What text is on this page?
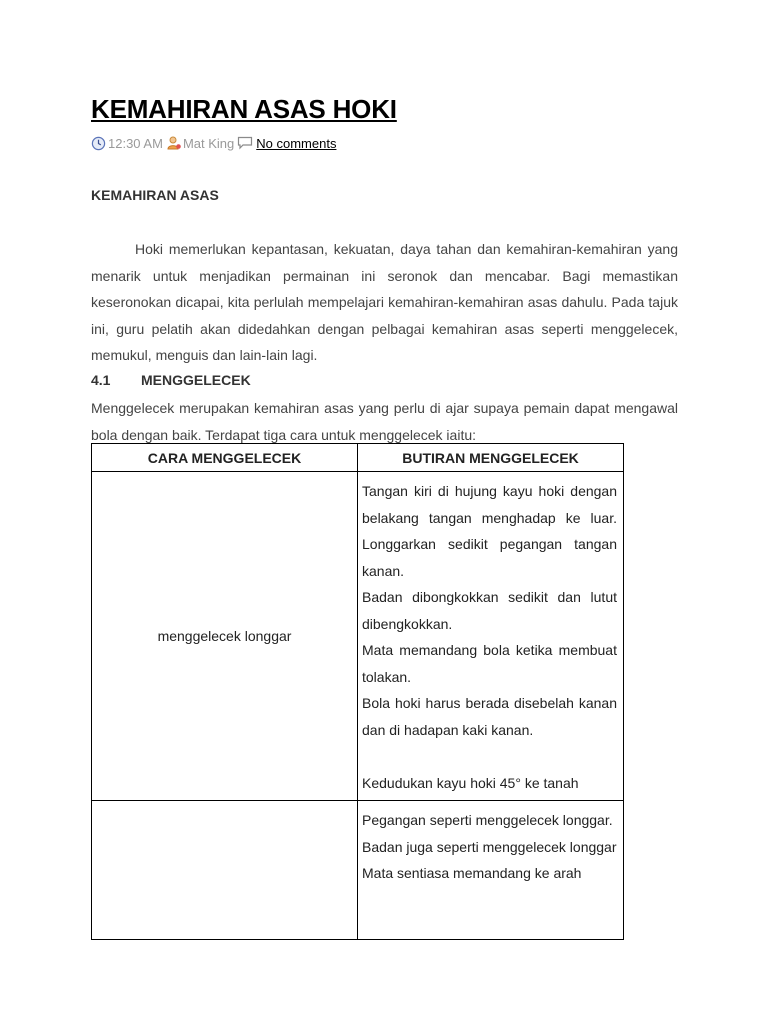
KEMAHIRAN ASAS HOKI
12:30 AM Mat King No comments
KEMAHIRAN ASAS

Hoki memerlukan kepantasan, kekuatan, daya tahan dan kemahiran-kemahiran yang menarik untuk menjadikan permainan ini seronok dan mencabar. Bagi memastikan keseronokan dicapai, kita perlulah mempelajari kemahiran-kemahiran asas dahulu. Pada tajuk ini, guru pelatih akan didedahkan dengan pelbagai kemahiran asas seperti menggelecek, memukul, menguis dan lain-lain lagi.

4.1 MENGGELECEK

Menggelecek merupakan kemahiran asas yang perlu di ajar supaya pemain dapat mengawal bola dengan baik. Terdapat tiga cara untuk menggelecek iaitu:

CARA MENGGELECEK	BUTIRAN MENGGELECEK
menggelecek longgar	Tangan kiri di hujung kayu hoki dengan belakang tangan menghadap ke luar. Longgarkan sedikit pegangan tangan kanan.
Badan dibongkokkan sedikit dan lutut dibengkokkan.
Mata memandang bola ketika membuat tolakan.
Bola hoki harus berada disebelah kanan dan di hadapan kaki kanan.
Kedudukan kayu hoki 45° ke tanah

	Pegangan seperti menggelecek longgar.
Badan juga seperti menggelecek longgar
Mata sentiasa memandang ke arah
